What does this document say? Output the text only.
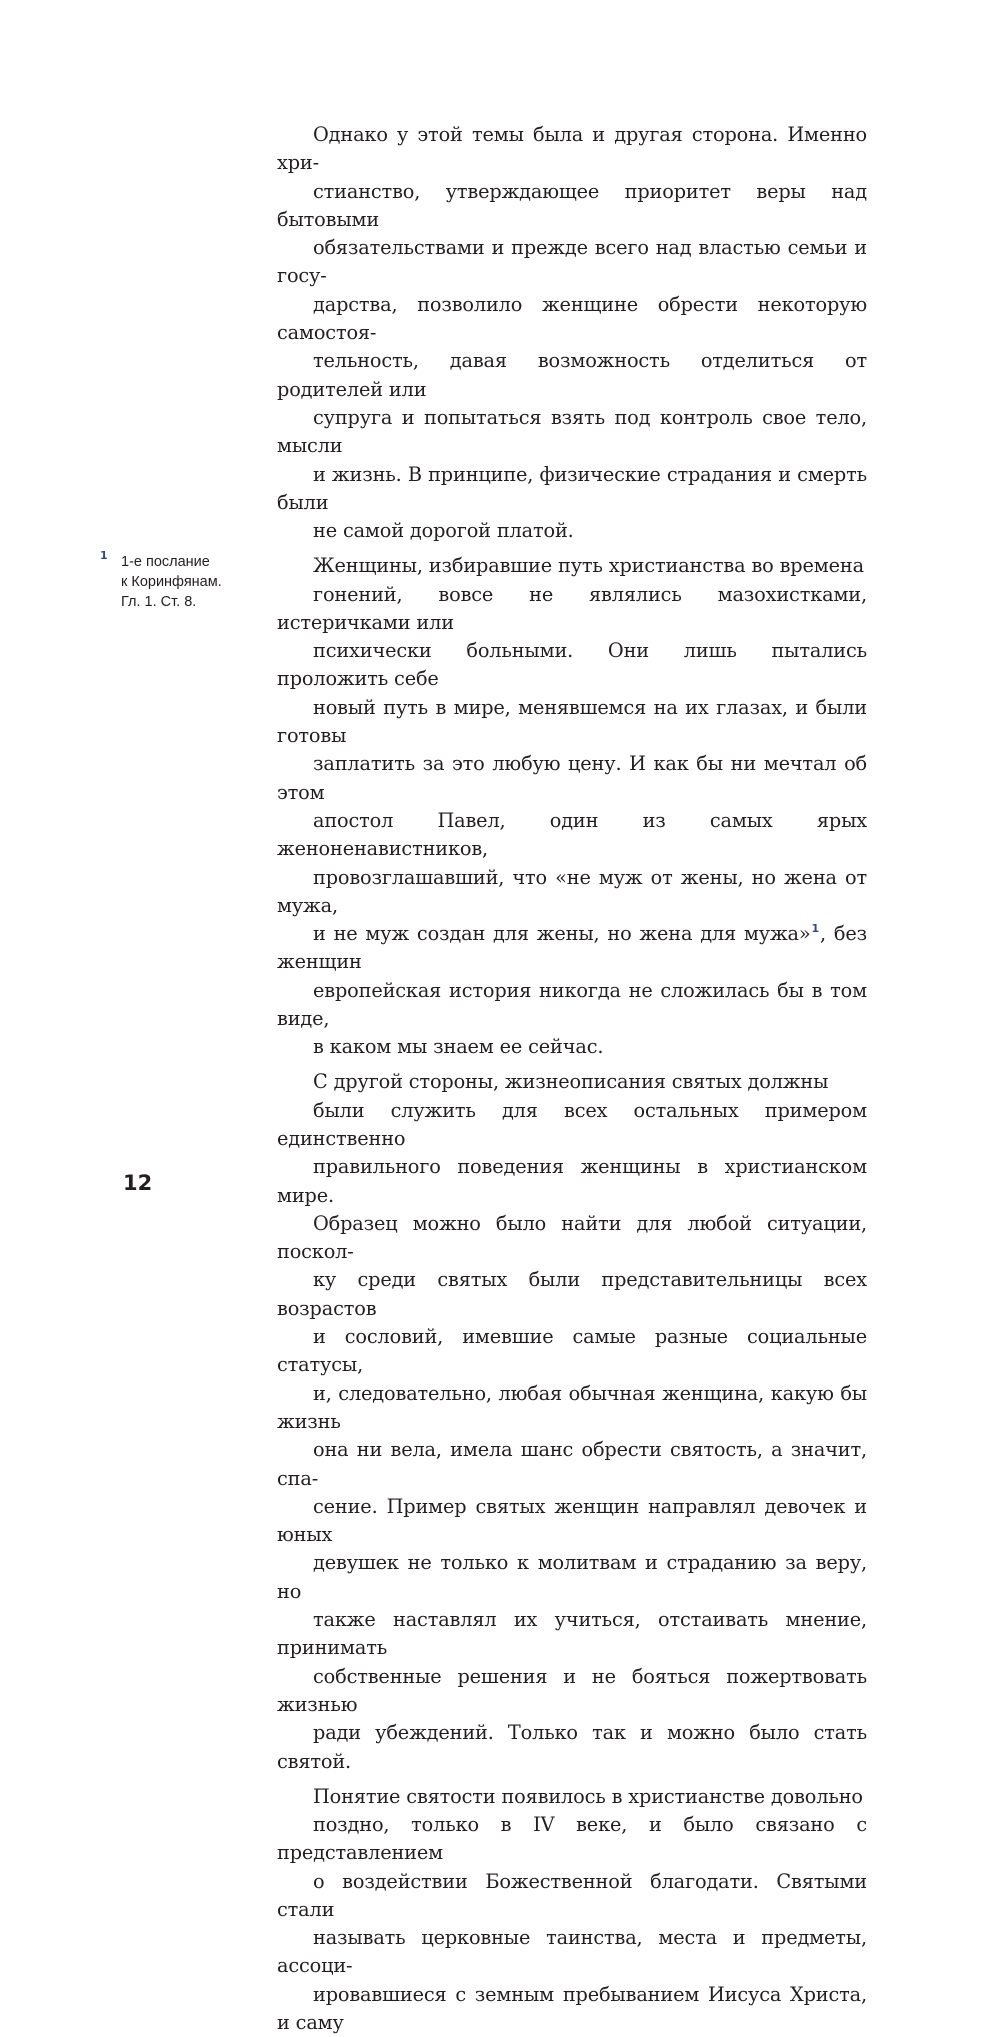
Однако у этой темы была и другая сторона. Именно хри-
стианство, утверждающее приоритет веры над бытовыми
обязательствами и прежде всего над властью семьи и госу-
дарства, позволило женщине обрести некоторую самостоя-
тельность, давая возможность отделиться от родителей или
супруга и попытаться взять под контроль свое тело, мысли
и жизнь. В принципе, физические страдания и смерть были
не самой дорогой платой.

Женщины, избиравшие путь христианства во времена
гонений, вовсе не являлись мазохистками, истеричками или
психически больными. Они лишь пытались проложить себе
новый путь в мире, менявшемся на их глазах, и были готовы
заплатить за это любую цену. И как бы ни мечтал об этом
апостол Павел, один из самых ярых женоненавистников,
провозглашавший, что «не муж от жены, но жена от мужа,
и не муж создан для жены, но жена для мужа»$^1$, без женщин
европейская история никогда не сложилась бы в том виде,
в каком мы знаем ее сейчас.

С другой стороны, жизнеописания святых должны
были служить для всех остальных примером единственно
правильного поведения женщины в христианском мире.
Образец можно было найти для любой ситуации, поскол-
ку среди святых были представительницы всех возрастов
и сословий, имевшие самые разные социальные статусы,
и, следовательно, любая обычная женщина, какую бы жизнь
она ни вела, имела шанс обрести святость, а значит, спа-
сение. Пример святых женщин направлял девочек и юных
девушек не только к молитвам и страданию за веру, но
также наставлял их учиться, отстаивать мнение, принимать
собственные решения и не бояться пожертвовать жизнью
ради убеждений. Только так и можно было стать святой.

Понятие святости появилось в христианстве довольно
поздно, только в IV веке, и было связано с представлением
о воздействии Божественной благодати. Святыми стали
называть церковные таинства, места и предметы, ассоци-
ировавшиеся с земным пребыванием Иисуса Христа, и саму

1 1-е послание
к Коринфянам.
Гл. 1. Ст. 8.
12
